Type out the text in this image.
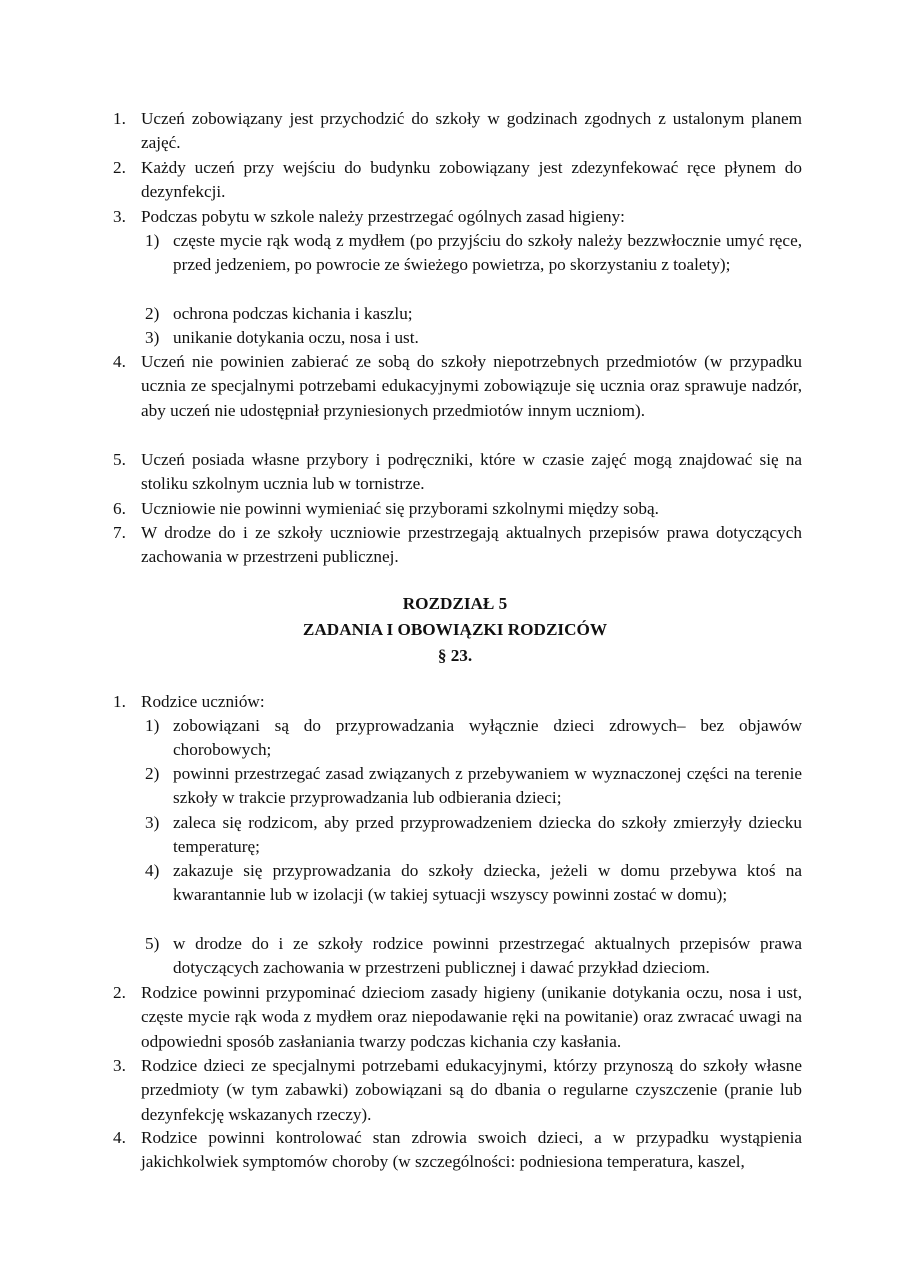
1. Uczeń zobowiązany jest przychodzić do szkoły w godzinach zgodnych z ustalonym planem zajęć.
2. Każdy uczeń przy wejściu do budynku zobowiązany jest zdezynfekować ręce płynem do dezynfekcji.
3. Podczas pobytu w szkole należy przestrzegać ogólnych zasad higieny:
1) częste mycie rąk wodą z mydłem (po przyjściu do szkoły należy bezzwłocznie umyć ręce, przed jedzeniem, po powrocie ze świeżego powietrza, po skorzystaniu z toalety);
2) ochrona podczas kichania i kaszlu;
3) unikanie dotykania oczu, nosa i ust.
4. Uczeń nie powinien zabierać ze sobą do szkoły niepotrzebnych przedmiotów (w przypadku ucznia ze specjalnymi potrzebami edukacyjnymi zobowiązuje się ucznia oraz sprawuje nadzór, aby uczeń nie udostępniał przyniesionych przedmiotów innym uczniom).
5. Uczeń posiada własne przybory i podręczniki, które w czasie zajęć mogą znajdować się na stoliku szkolnym ucznia lub w tornistrze.
6. Uczniowie nie powinni wymieniać się przyborami szkolnymi między sobą.
7. W drodze do i ze szkoły uczniowie przestrzegają aktualnych przepisów prawa dotyczących zachowania w przestrzeni publicznej.
ROZDZIAŁ 5
ZADANIA I OBOWIĄZKI RODZICÓW
§ 23.
1. Rodzice uczniów:
1) zobowiązani są do przyprowadzania wyłącznie dzieci zdrowych– bez objawów chorobowych;
2) powinni przestrzegać zasad związanych z przebywaniem w wyznaczonej części na terenie szkoły w trakcie przyprowadzania lub odbierania dzieci;
3) zaleca się rodzicom, aby przed przyprowadzeniem dziecka do szkoły zmierzyły dziecku temperaturę;
4) zakazuje się przyprowadzania do szkoły dziecka, jeżeli w domu przebywa ktoś na kwarantannie lub w izolacji (w takiej sytuacji wszyscy powinni zostać w domu);
5) w drodze do i ze szkoły rodzice powinni przestrzegać aktualnych przepisów prawa dotyczących zachowania w przestrzeni publicznej i dawać przykład dzieciom.
2. Rodzice powinni przypominać dzieciom zasady higieny (unikanie dotykania oczu, nosa i ust, częste mycie rąk woda z mydłem oraz niepodawanie ręki na powitanie) oraz zwracać uwagi na odpowiedni sposób zasłaniania twarzy podczas kichania czy kasłania.
3. Rodzice dzieci ze specjalnymi potrzebami edukacyjnymi, którzy przynoszą do szkoły własne przedmioty (w tym zabawki) zobowiązani są do dbania o regularne czyszczenie (pranie lub dezynfekcję wskazanych rzeczy).
4. Rodzice powinni kontrolować stan zdrowia swoich dzieci, a w przypadku wystąpienia jakichkolwiek symptomów choroby (w szczególności: podniesiona temperatura, kaszel,
